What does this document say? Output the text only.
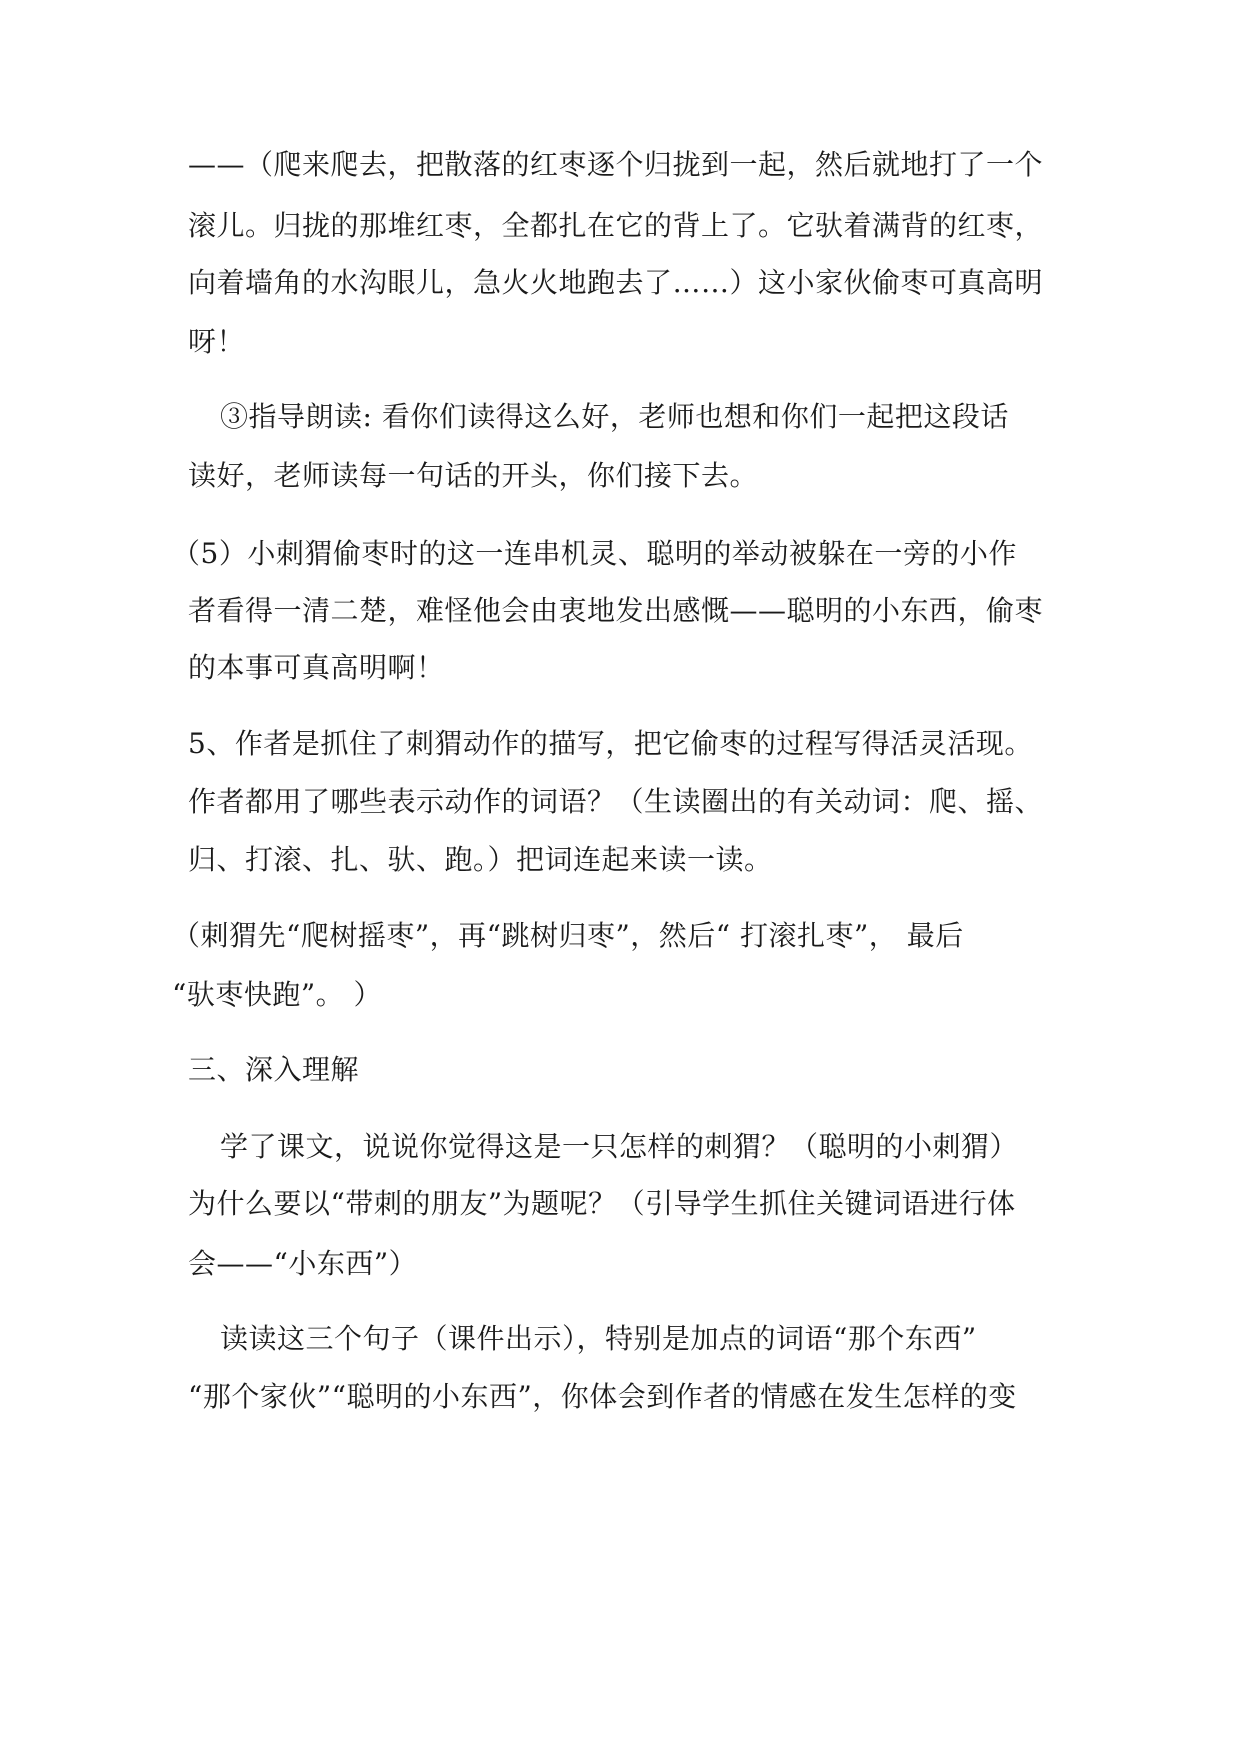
——（爬来爬去，把散落的红枣逐个归拢到一起，然后就地打了一个
滚儿。归拢的那堆红枣，全都扎在它的背上了。它驮着满背的红枣，
向着墙角的水沟眼儿，急火火地跑去了……）这小家伙偷枣可真高明
呀！
③指导朗读: 看你们读得这么好，老师也想和你们一起把这段话
读好，老师读每一句话的开头，你们接下去。
（5）小刺猬偷枣时的这一连串机灵、聪明的举动被躲在一旁的小作
者看得一清二楚，难怪他会由衷地发出感慨——聪明的小东西，偷枣
的本事可真高明啊！
5、作者是抓住了刺猬动作的描写，把它偷枣的过程写得活灵活现。
作者都用了哪些表示动作的词语？（生读圈出的有关动词：爬、摇、
归、打滚、扎、驮、跑。）把词连起来读一读。
（刺猬先“爬树摇枣”，再“跳树归枣”，然后“ 打滚扎枣”， 最后
“驮枣快跑”。 ）
三、深入理解
学了课文，说说你觉得这是一只怎样的刺猬？（聪明的小刺猬）
为什么要以“带刺的朋友”为题呢？（引导学生抓住关键词语进行体
会——“小东西”）
读读这三个句子（课件出示），特别是加点的词语“那个东西”
“那个家伙”“聪明的小东西”，你体会到作者的情感在发生怎样的变
